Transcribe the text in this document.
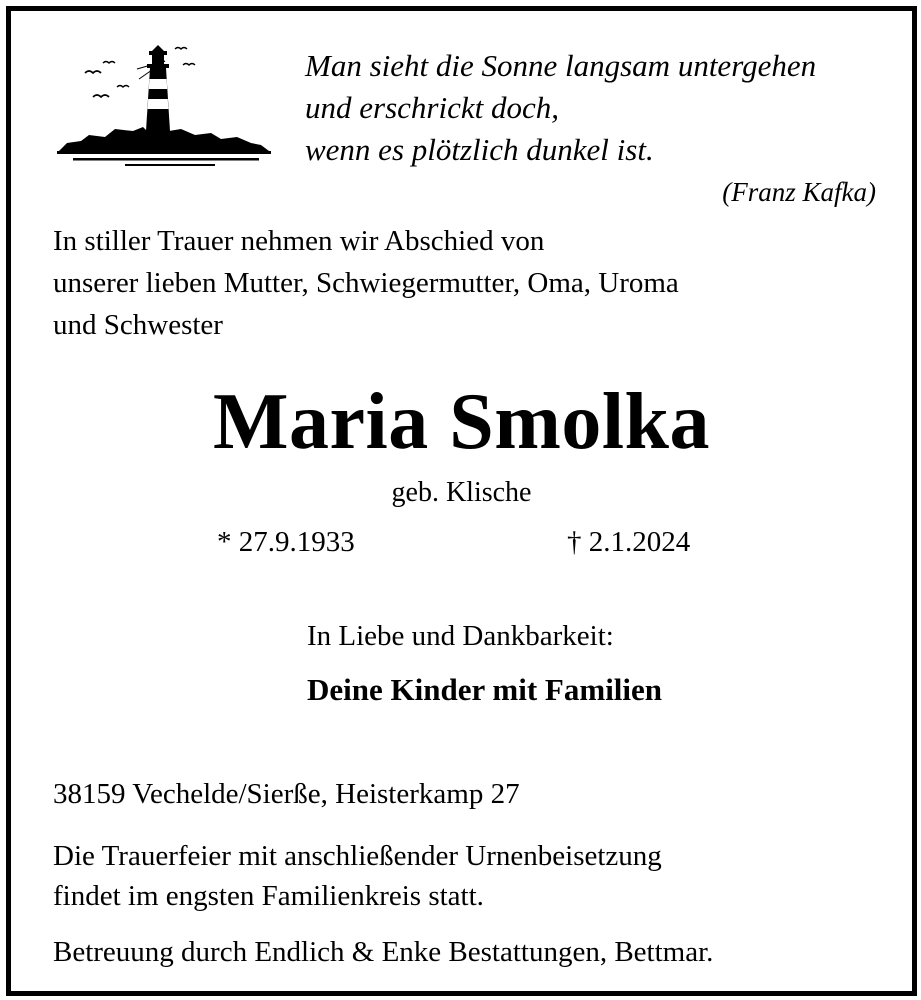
Man sieht die Sonne langsam untergehen
und erschrickt doch,
wenn es plötzlich dunkel ist.
(Franz Kafka)
In stiller Trauer nehmen wir Abschied von
unserer lieben Mutter, Schwiegermutter, Oma, Uroma
und Schwester
Maria Smolka
geb. Klische
* 27.9.1933	† 2.1.2024
In Liebe und Dankbarkeit:
Deine Kinder mit Familien
38159 Vechelde/Sierße, Heisterkamp 27
Die Trauerfeier mit anschließender Urnenbeisetzung
findet im engsten Familienkreis statt.
Betreuung durch Endlich & Enke Bestattungen, Bettmar.
